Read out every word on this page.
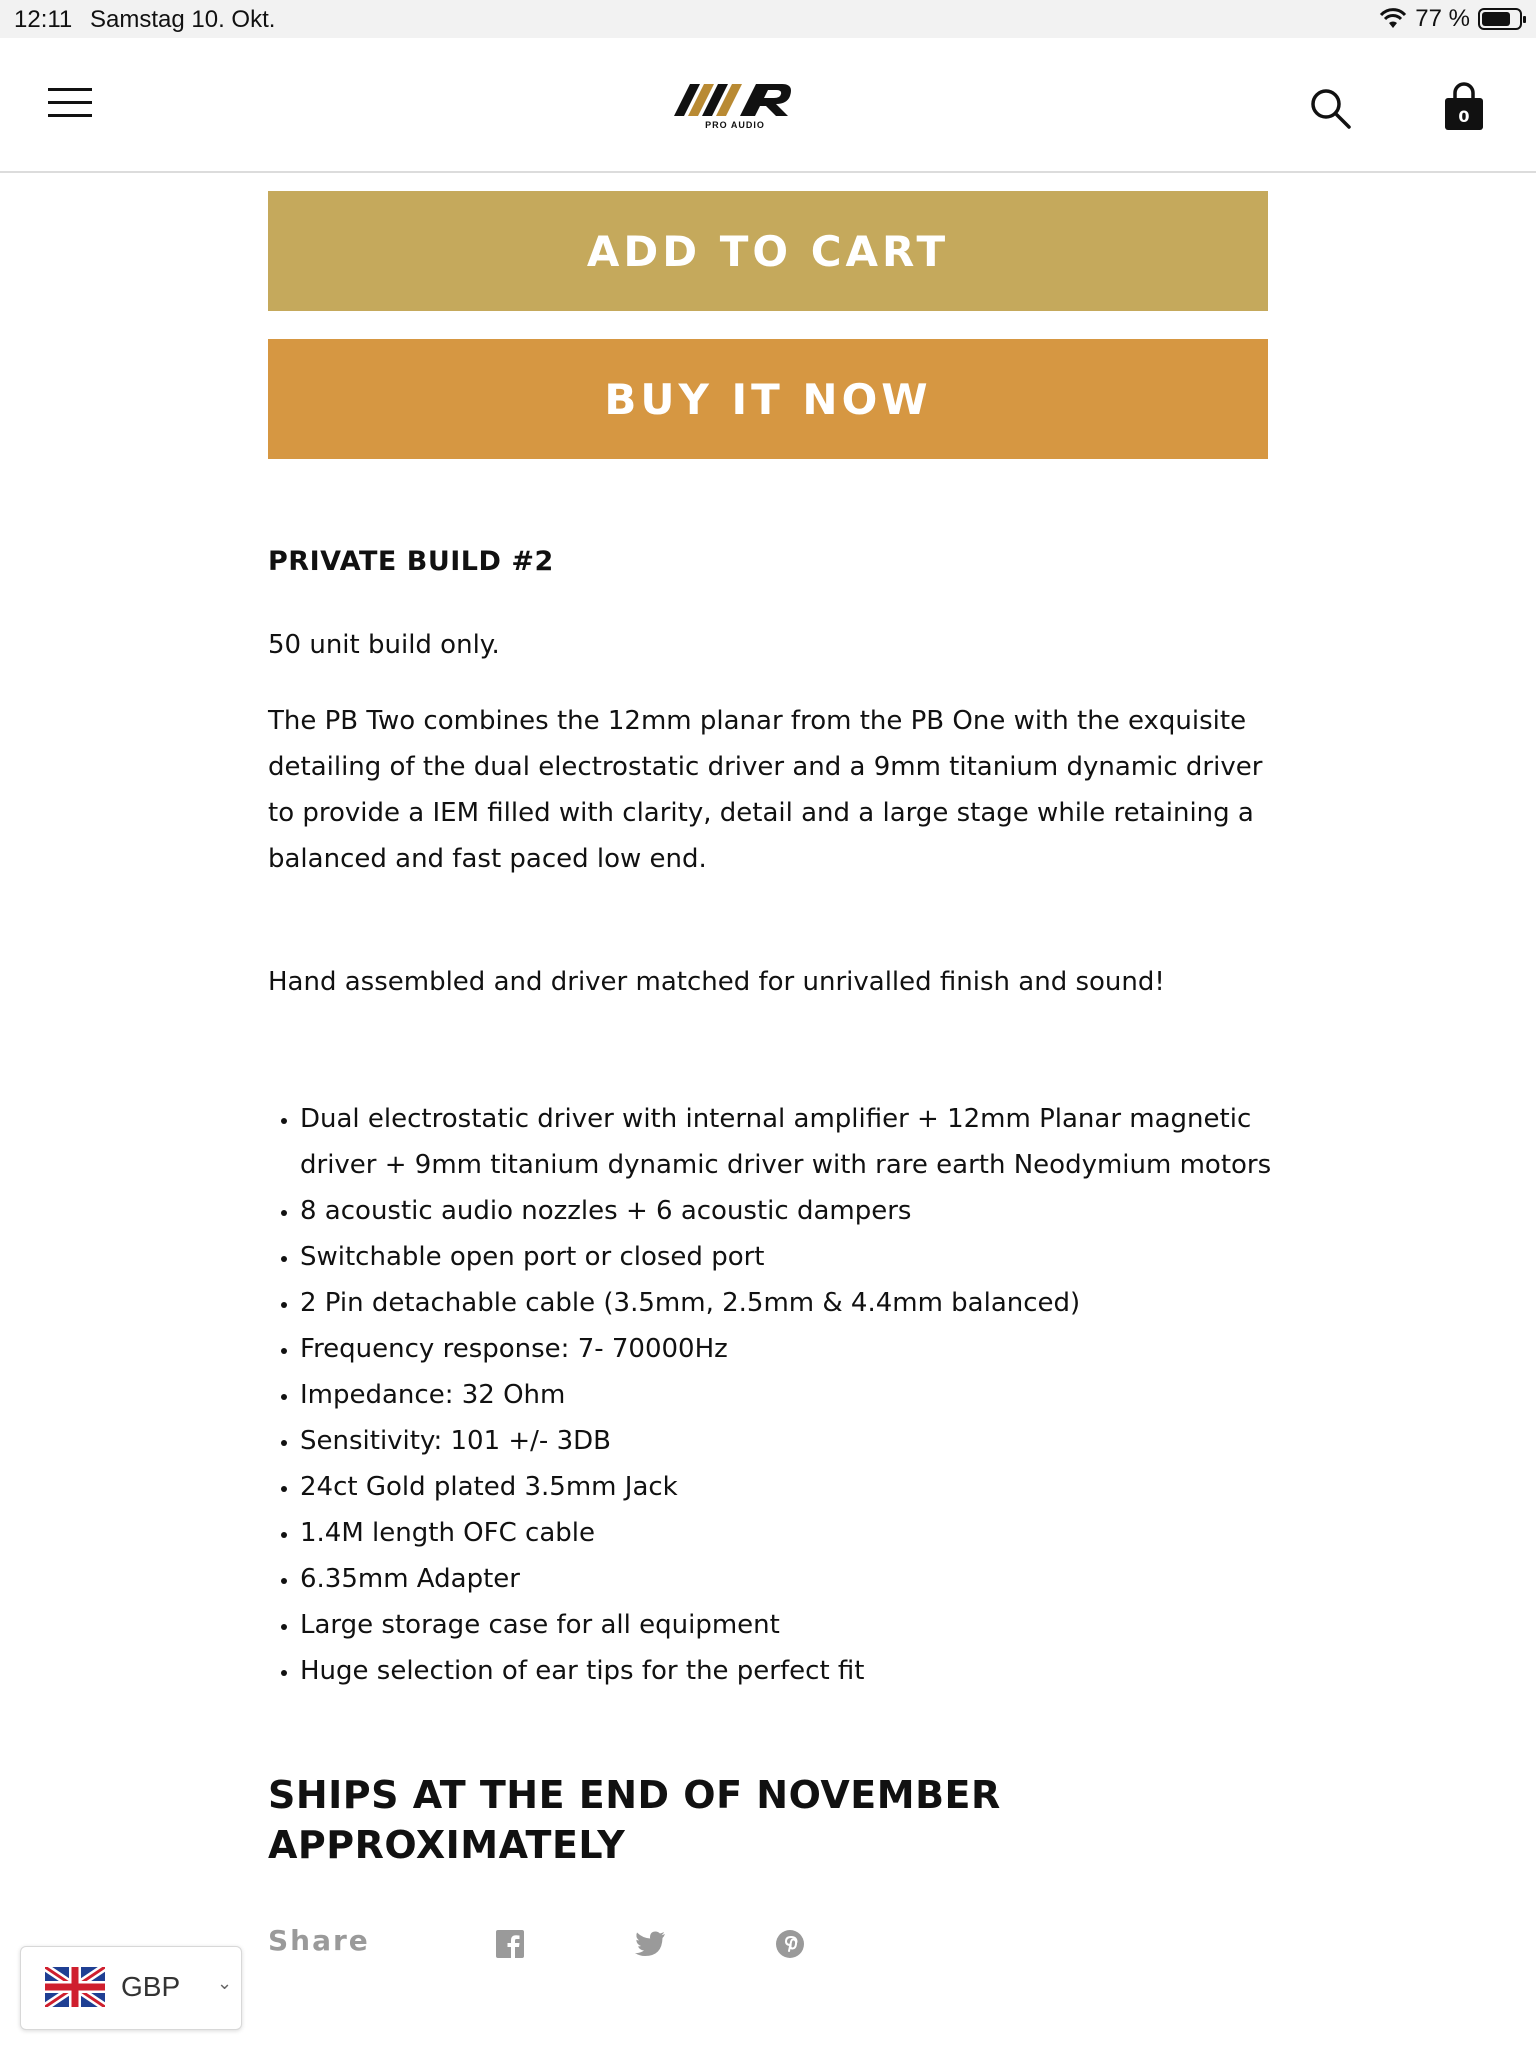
12:11 Samstag 10. Okt.	77 %
PRO AUDIO	0
ADD TO CART
BUY IT NOW

PRIVATE BUILD #2

50 unit build only.

The PB Two combines the 12mm planar from the PB One with the exquisite detailing of the dual electrostatic driver and a 9mm titanium dynamic driver to provide a IEM filled with clarity, detail and a large stage while retaining a balanced and fast paced low end.

Hand assembled and driver matched for unrivalled finish and sound!

• Dual electrostatic driver with internal amplifier + 12mm Planar magnetic driver + 9mm titanium dynamic driver with rare earth Neodymium motors
• 8 acoustic audio nozzles + 6 acoustic dampers
• Switchable open port or closed port
• 2 Pin detachable cable (3.5mm, 2.5mm & 4.4mm balanced)
• Frequency response: 7- 70000Hz
• Impedance: 32 Ohm
• Sensitivity: 101 +/- 3DB
• 24ct Gold plated 3.5mm Jack
• 1.4M length OFC cable
• 6.35mm Adapter
• Large storage case for all equipment
• Huge selection of ear tips for the perfect fit
SHIPS AT THE END OF NOVEMBER APPROXIMATELY
Share
GBP ⌄
